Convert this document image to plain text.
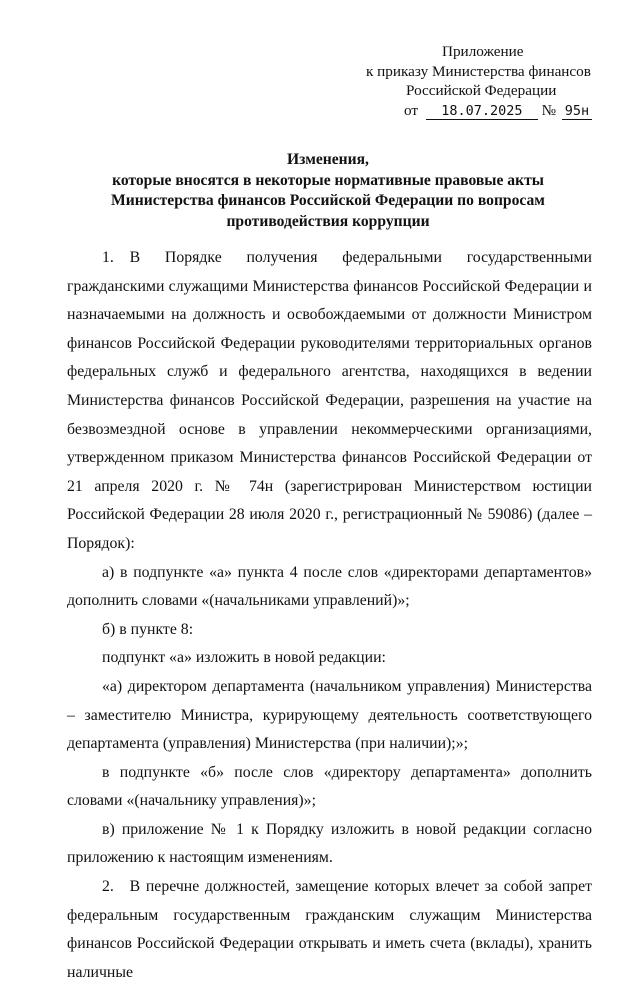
Приложение
к приказу Министерства финансов
Российской Федерации
от 18.07.2025 № 95н
Изменения,
которые вносятся в некоторые нормативные правовые акты
Министерства финансов Российской Федерации по вопросам
противодействия коррупции

1. В Порядке получения федеральными государственными гражданскими служащими Министерства финансов Российской Федерации и назначаемыми на должность и освобождаемыми от должности Министром финансов Российской Федерации руководителями территориальных органов федеральных служб и федерального агентства, находящихся в ведении Министерства финансов Российской Федерации, разрешения на участие на безвозмездной основе в управлении некоммерческими организациями, утвержденном приказом Министерства финансов Российской Федерации от 21 апреля 2020 г. № 74н (зарегистрирован Министерством юстиции Российской Федерации 28 июля 2020 г., регистрационный № 59086) (далее – Порядок):

а) в подпункте «а» пункта 4 после слов «директорами департаментов» дополнить словами «(начальниками управлений)»;

б) в пункте 8:

подпункт «а» изложить в новой редакции:

«а) директором департамента (начальником управления) Министерства – заместителю Министра, курирующему деятельность соответствующего департамента (управления) Министерства (при наличии);»;

в подпункте «б» после слов «директору департамента» дополнить словами «(начальнику управления)»;

в) приложение № 1 к Порядку изложить в новой редакции согласно приложению к настоящим изменениям.

2. В перечне должностей, замещение которых влечет за собой запрет федеральным государственным гражданским служащим Министерства финансов Российской Федерации открывать и иметь счета (вклады), хранить наличные
